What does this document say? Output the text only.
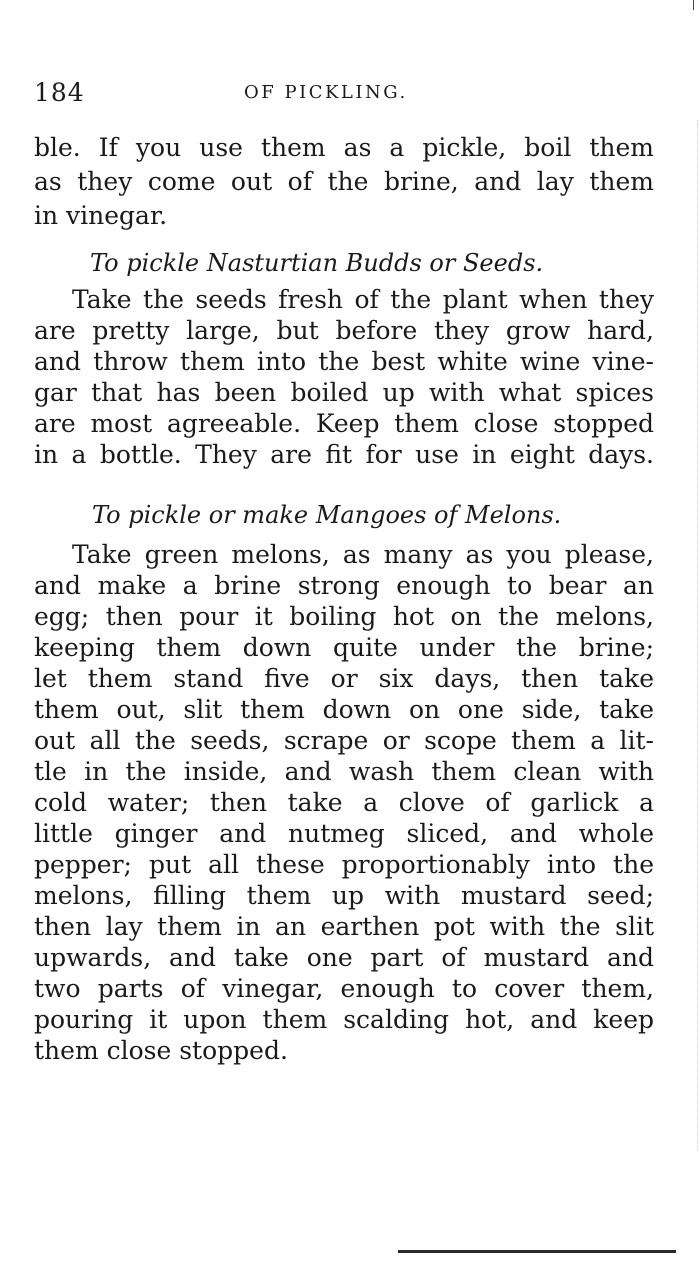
184	OF PICKLING.
ble. If you use them as a pickle, boil them
as they come out of the brine, and lay them
in vinegar.
To pickle Nasturtian Budds or Seeds.
Take the seeds fresh of the plant when they
are pretty large, but before they grow hard,
and throw them into the best white wine vine-
gar that has been boiled up with what spices
are most agreeable. Keep them close stopped
in a bottle. They are fit for use in eight days.
To pickle or make Mangoes of Melons.
Take green melons, as many as you please,
and make a brine strong enough to bear an
egg; then pour it boiling hot on the melons,
keeping them down quite under the brine;
let them stand five or six days, then take
them out, slit them down on one side, take
out all the seeds, scrape or scope them a lit-
tle in the inside, and wash them clean with
cold water; then take a clove of garlick a
little ginger and nutmeg sliced, and whole
pepper; put all these proportionably into the
melons, filling them up with mustard seed;
then lay them in an earthen pot with the slit
upwards, and take one part of mustard and
two parts of vinegar, enough to cover them,
pouring it upon them scalding hot, and keep
them close stopped.
